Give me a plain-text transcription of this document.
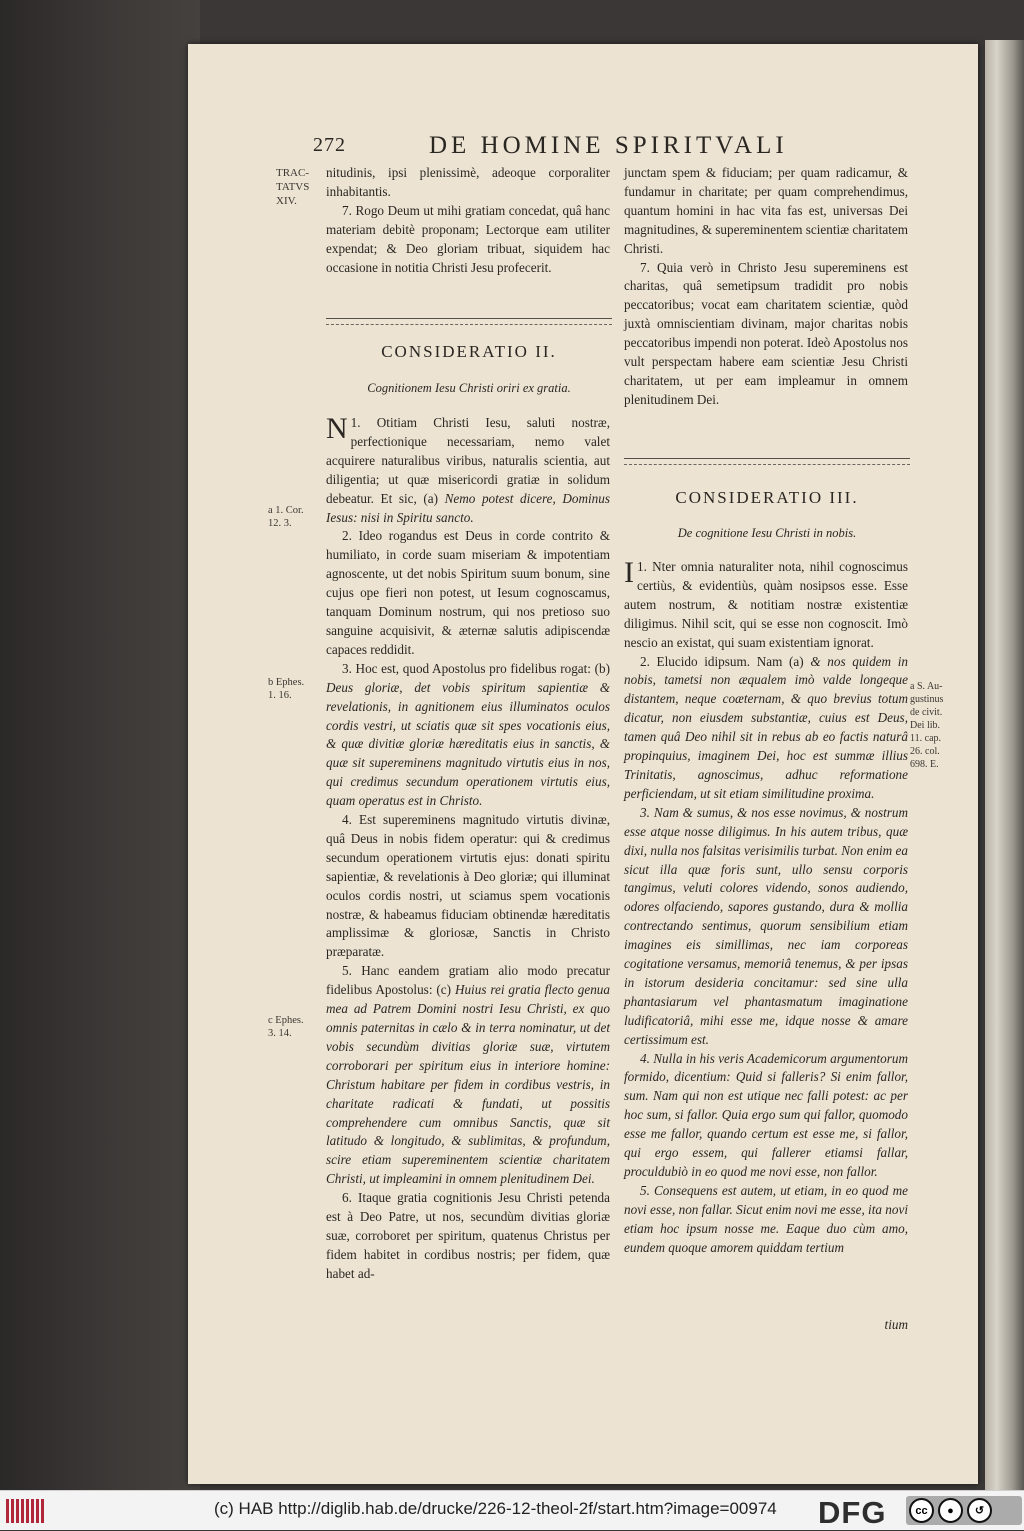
272	DE HOMINE SPIRITVALI
TRAC-
TATVS
XIV.
a 1. Cor.
12. 3.
b Ephes.
1. 16.
c Ephes.
3. 14.
a S. Au-
gustinus
de civit.
Dei lib.
11. cap.
26. col.
698. E.

nitudinis, ipsi plenissimè, adeoque corporaliter inhabitantis.

7. Rogo Deum ut mihi gratiam concedat, quâ hanc materiam debitè proponam; Lectorque eam utiliter expendat; & Deo gloriam tribuat, siquidem hac occasione in notitia Christi Jesu profecerit.

CONSIDERATIO II.
Cognitionem Iesu Christi oriri ex gratia.

1.
N Otitiam Christi Iesu, saluti nostræ, perfectionique necessariam, nemo valet acquirere naturalibus viribus, naturalis scientia, aut diligentia; ut quæ misericordi gratiæ in solidum debeatur. Et sic, (a) Nemo potest dicere, Dominus Iesus: nisi in Spiritu sancto.

2. Ideo rogandus est Deus in corde contrito & humiliato, in corde suam miseriam & impotentiam agnoscente, ut det nobis Spiritum suum bonum, sine cujus ope fieri non potest, ut Iesum cognoscamus, tanquam Dominum nostrum, qui nos pretioso suo sanguine acquisivit, & æternæ salutis adipiscendæ capaces reddidit.

3. Hoc est, quod Apostolus pro fidelibus rogat: (b) Deus gloriæ, det vobis spiritum sapientiæ & revelationis, in agnitionem eius illuminatos oculos cordis vestri, ut sciatis quæ sit spes vocationis eius, & quæ divitiæ gloriæ hæreditatis eius in sanctis, & quæ sit supereminens magnitudo virtutis eius in nos, qui credimus secundum operationem virtutis eius, quam operatus est in Christo.

4. Est supereminens magnitudo virtutis divinæ, quâ Deus in nobis fidem operatur: qui & credimus secundum operationem virtutis ejus: donati spiritu sapientiæ, & revelationis à Deo gloriæ; qui illuminat oculos cordis nostri, ut sciamus spem vocationis nostræ, & habeamus fiduciam obtinendæ hæreditatis amplissimæ & gloriosæ, Sanctis in Christo præparatæ.

5. Hanc eandem gratiam alio modo precatur fidelibus Apostolus: (c) Huius rei gratia flecto genua mea ad Patrem Domini nostri Iesu Christi, ex quo omnis paternitas in cælo & in terra nominatur, ut det vobis secundùm divitias gloriæ suæ, virtutem corroborari per spiritum eius in interiore homine: Christum habitare per fidem in cordibus vestris, in charitate radicati & fundati, ut possitis comprehendere cum omnibus Sanctis, quæ sit latitudo & longitudo, & sublimitas, & profundum, scire etiam supereminentem scientiæ charitatem Christi, ut impleamini in omnem plenitudinem Dei.

6. Itaque gratia cognitionis Jesu Christi petenda est à Deo Patre, ut nos, secundùm divitias gloriæ suæ, corroboret per spiritum, quatenus Christus per fidem habitet in cordibus nostris; per fidem, quæ habet ad-

junctam spem & fiduciam; per quam radicamur, & fundamur in charitate; per quam comprehendimus, quantum homini in hac vita fas est, universas Dei magnitudines, & supereminentem scientiæ charitatem Christi.

7. Quia verò in Christo Jesu supereminens est charitas, quâ semetipsum tradidit pro nobis peccatoribus; vocat eam charitatem scientiæ, quòd juxtà omniscientiam divinam, major charitas nobis peccatoribus impendi non poterat. Ideò Apostolus nos vult perspectam habere eam scientiæ Jesu Christi charitatem, ut per eam impleamur in omnem plenitudinem Dei.

CONSIDERATIO III.
De cognitione Iesu Christi in nobis.

1.
I Nter omnia naturaliter nota, nihil cognoscimus certiùs, & evidentiùs, quàm nosipsos esse. Esse autem nostrum, & notitiam nostræ existentiæ diligimus. Nihil scit, qui se esse non cognoscit. Imò nescio an existat, qui suam existentiam ignorat.

2. Elucido idipsum. Nam (a) & nos quidem in nobis, tametsi non æqualem imò valde longeque distantem, neque coæternam, & quo brevius totum dicatur, non eiusdem substantiæ, cuius est Deus, tamen quâ Deo nihil sit in rebus ab eo factis naturâ propinquius, imaginem Dei, hoc est summæ illius Trinitatis, agnoscimus, adhuc reformatione perficiendam, ut sit etiam similitudine proxima.

3. Nam & sumus, & nos esse novimus, & nostrum esse atque nosse diligimus. In his autem tribus, quæ dixi, nulla nos falsitas verisimilis turbat. Non enim ea sicut illa quæ foris sunt, ullo sensu corporis tangimus, veluti colores videndo, sonos audiendo, odores olfaciendo, sapores gustando, dura & mollia contrectando sentimus, quorum sensibilium etiam imagines eis simillimas, nec iam corporeas cogitatione versamus, memoriâ tenemus, & per ipsas in istorum desideria concitamur: sed sine ulla phantasiarum vel phantasmatum imaginatione ludificatoriâ, mihi esse me, idque nosse & amare certissimum est.

4. Nulla in his veris Academicorum argumentorum formido, dicentium: Quid si falleris? Si enim fallor, sum. Nam qui non est utique nec falli potest: ac per hoc sum, si fallor. Quia ergo sum qui fallor, quomodo esse me fallor, quando certum est esse me, si fallor, qui ergo essem, qui fallerer etiamsi fallar, proculdubiò in eo quod me novi esse, non fallor.

5. Consequens est autem, ut etiam, in eo quod me novi esse, non fallar. Sicut enim novi me esse, ita novi etiam hoc ipsum nosse me. Eaque duo cùm amo, eundem quoque amorem quiddam tertium

tium
(c) HAB http://diglib.hab.de/drucke/226-12-theol-2f/start.htm?image=00974 DFG	cc	●	↺
